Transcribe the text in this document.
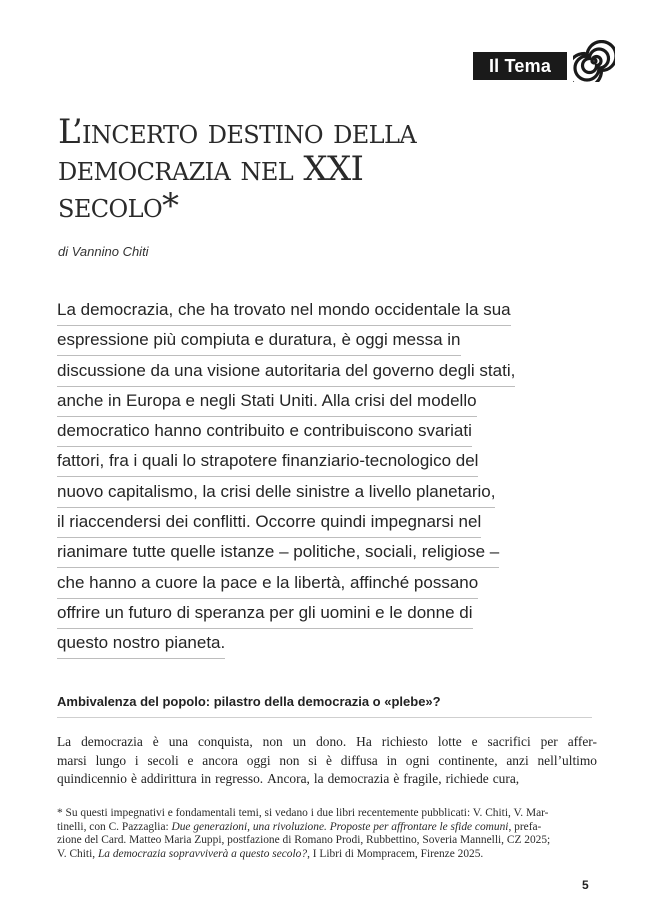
Il Tema
L’incerto destino della
democrazia nel XXI
secolo*
di Vannino Chiti
La democrazia, che ha trovato nel mondo occidentale la sua
espressione più compiuta e duratura, è oggi messa in
discussione da una visione autoritaria del governo degli stati,
anche in Europa e negli Stati Uniti. Alla crisi del modello
democratico hanno contribuito e contribuiscono svariati
fattori, fra i quali lo strapotere finanziario-tecnologico del
nuovo capitalismo, la crisi delle sinistre a livello planetario,
il riaccendersi dei conflitti. Occorre quindi impegnarsi nel
rianimare tutte quelle istanze – politiche, sociali, religiose –
che hanno a cuore la pace e la libertà, affinché possano
offrire un futuro di speranza per gli uomini e le donne di
questo nostro pianeta.
Ambivalenza del popolo: pilastro della democrazia o «plebe»?
La democrazia è una conquista, non un dono. Ha richiesto lotte e sacrifici per affer-
marsi lungo i secoli e ancora oggi non si è diffusa in ogni continente, anzi nell’ultimo
quindicennio è addirittura in regresso. Ancora, la democrazia è fragile, richiede cura,
* Su questi impegnativi e fondamentali temi, si vedano i due libri recentemente pubblicati: V. Chiti, V. Mar-
tinelli, con C. Pazzaglia: Due generazioni, una rivoluzione. Proposte per affrontare le sfide comuni, prefa-
zione del Card. Matteo Maria Zuppi, postfazione di Romano Prodi, Rubbettino, Soveria Mannelli, CZ 2025;
V. Chiti, La democrazia sopravviverà a questo secolo?, I Libri di Mompracem, Firenze 2025.
5
